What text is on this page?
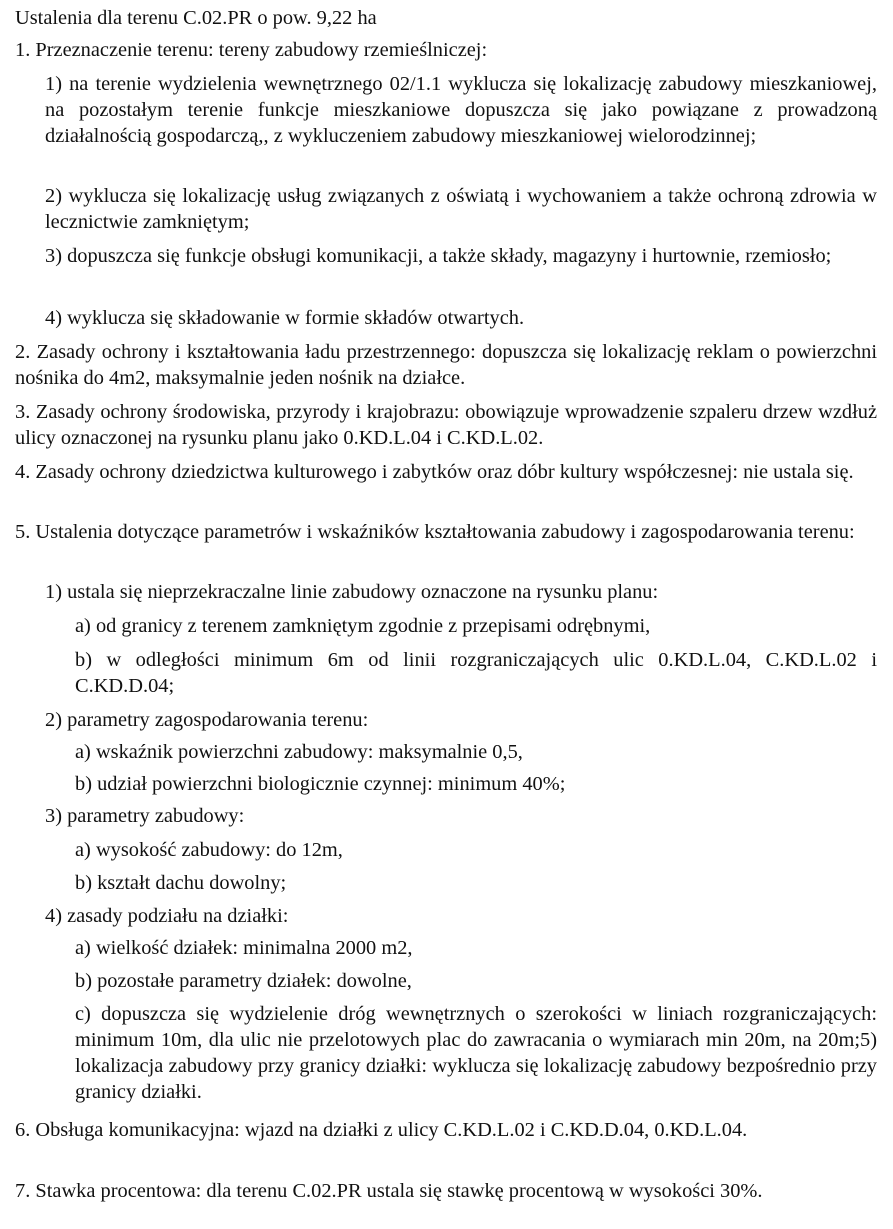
Ustalenia dla terenu C.02.PR o pow. 9,22 ha

1. Przeznaczenie terenu: tereny zabudowy rzemieślniczej:

1) na terenie wydzielenia wewnętrznego 02/1.1 wyklucza się lokalizację zabudowy mieszkaniowej, na pozostałym terenie funkcje mieszkaniowe dopuszcza się jako powiązane z prowadzoną działalnością gospodarczą,, z wykluczeniem zabudowy mieszkaniowej wielorodzinnej;

2) wyklucza się lokalizację usług związanych z oświatą i wychowaniem a także ochroną zdrowia w lecznictwie zamkniętym;

3) dopuszcza się funkcje obsługi komunikacji, a także składy, magazyny i hurtownie, rzemiosło;

4) wyklucza się składowanie w formie składów otwartych.

2. Zasady ochrony i kształtowania ładu przestrzennego: dopuszcza się lokalizację reklam o powierzchni nośnika do 4m2, maksymalnie jeden nośnik na działce.

3. Zasady ochrony środowiska, przyrody i krajobrazu: obowiązuje wprowadzenie szpaleru drzew wzdłuż ulicy oznaczonej na rysunku planu jako 0.KD.L.04 i C.KD.L.02.

4. Zasady ochrony dziedzictwa kulturowego i zabytków oraz dóbr kultury współczesnej: nie ustala się.

5. Ustalenia dotyczące parametrów i wskaźników kształtowania zabudowy i zagospodarowania terenu:

1) ustala się nieprzekraczalne linie zabudowy oznaczone na rysunku planu:

a) od granicy z terenem zamkniętym zgodnie z przepisami odrębnymi,

b) w odległości minimum 6m od linii rozgraniczających ulic 0.KD.L.04, C.KD.L.02 i C.KD.D.04;

2) parametry zagospodarowania terenu:

a) wskaźnik powierzchni zabudowy: maksymalnie 0,5,

b) udział powierzchni biologicznie czynnej: minimum 40%;

3) parametry zabudowy:

a) wysokość zabudowy: do 12m,

b) kształt dachu dowolny;

4) zasady podziału na działki:

a) wielkość działek: minimalna 2000 m2,

b) pozostałe parametry działek: dowolne,

c) dopuszcza się wydzielenie dróg wewnętrznych o szerokości w liniach rozgraniczających: minimum 10m, dla ulic nie przelotowych plac do zawracania o wymiarach min 20m, na 20m;5) lokalizacja zabudowy przy granicy działki: wyklucza się lokalizację zabudowy bezpośrednio przy granicy działki.

6. Obsługa komunikacyjna: wjazd na działki z ulicy C.KD.L.02 i C.KD.D.04, 0.KD.L.04.

7. Stawka procentowa: dla terenu C.02.PR ustala się stawkę procentową w wysokości 30%.
